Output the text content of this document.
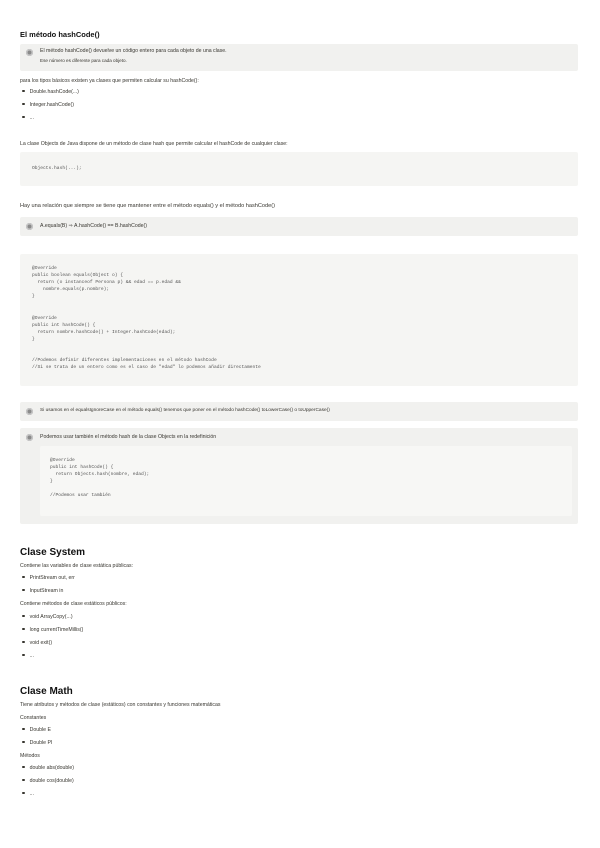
El método hashCode()
El método hashCode() devuelve un código entero para cada objeto de una clase.
Ese número es diferente para cada objeto.
para los tipos básicos existen ya clases que permiten calcular su hashCode():
Double.hashCode(...)
Integer.hashCode()
...
La clase Objects de Java dispone de un método de clase hash que permite calcular el hashCode de cualquier clase:
Objects.hash(...);
Hay una relación que siempre se tiene que mantener entre el método equals() y el método hashCode()
A.equals(B) ⇒ A.hashCode() == B.hashCode()
@Override
public boolean equals(Object o) {
return (o instanceof Persona p) && edad == p.edad &&
nombre.equals(p.nombre);
}
@Override
public int hashCode() {
return nombre.hashCode() + Integer.hashCode(edad);
}
//Podemos definir diferentes implementaciones en el método hashCode
//Si se trata de un entero como es el caso de "edad" lo podemos añadir directamente
Si usamos en el equalsIgnoreCase en el método equals() tenemos que poner en el método hashCode() toLowerCase() o toUpperCase()
Podemos usar también el método hash de la clase Objects en la redefinición
@Override
public int hashCode() {
return Objects.hash(nombre, edad);
}
//Podemos usar también
Clase System
Contiene las variables de clase estática públicas:
PrintStream out, err
InputStream in
Contiene métodos de clase estáticos públicos:
void ArrayCopy(...)
long currentTimeMillis()
void exit()
...
Clase Math
Tiene atributos y métodos de clase (estáticos) con constantes y funciones matemáticas
Constantes
Double E
Double PI
Métodos
double abs(double)
double cos(double)
...
